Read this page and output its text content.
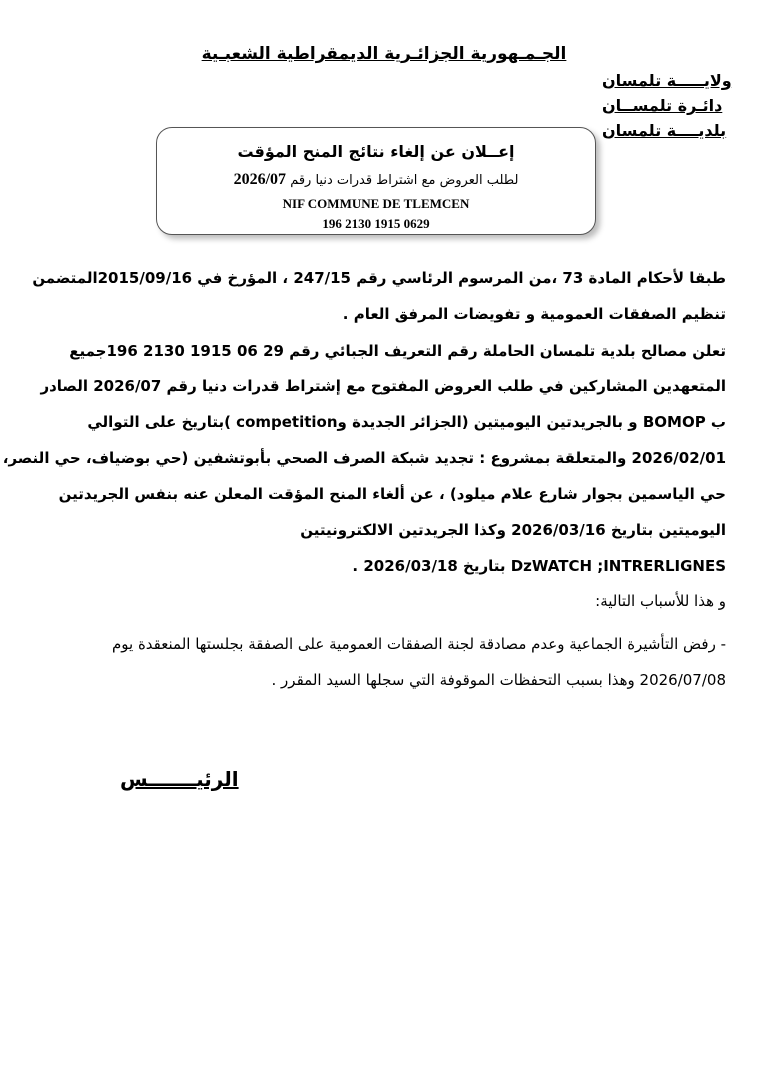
الجـمـهورية الجزائـرية الديمقراطية الشعبـية
ولايـــــة تلمسان
دائـرة تلمســان
بلديــــة تلمسان
إعــلان عن إلغاء نتائج المنح المؤقت
لطلب العروض مع اشتراط قدرات دنيا رقم 2026/07
NIF COMMUNE DE TLEMCEN
196 2130 1915 0629
طبقا لأحكام المادة 73 ،من المرسوم الرئاسي رقم 247/15 ، المؤرخ في 2015/09/16المتضمن
تنظيم الصفقات العمومية و تفويضات المرفق العام .
تعلن مصالح بلدية تلمسان الحاملة رقم التعريف الجبائي رقم 29 06 1915 2130 196جميع
المتعهدين المشاركين في طلب العروض المفتوح مع إشتراط قدرات دنيا رقم 2026/07 الصادر
ب BOMOP و بالجريدتين اليوميتين (الجزائر الجديدة وcompetition )بتاريخ على التوالي
2026/02/01 والمتعلقة بمشروع : تجديد شبكة الصرف الصحي بأبوتشفين (حي بوضياف، حي النصر،
حي الياسمين بجوار شارع علام ميلود) ، عن ألغاء المنح المؤقت المعلن عنه بنفس الجريدتين
اليوميتين بتاريخ 2026/03/16 وكذا الجريدتين الالكترونيتين
DzWATCH ;INTRERLIGNES بتاريخ 2026/03/18 .
و هذا للأسباب التالية:
- رفض التأشيرة الجماعية وعدم مصادقة لجنة الصفقات العمومية على الصفقة بجلستها المنعقدة يوم
2026/07/08 وهذا بسبب التحفظات الموقوفة التي سجلها السيد المقرر .
الرئيـــــــس
